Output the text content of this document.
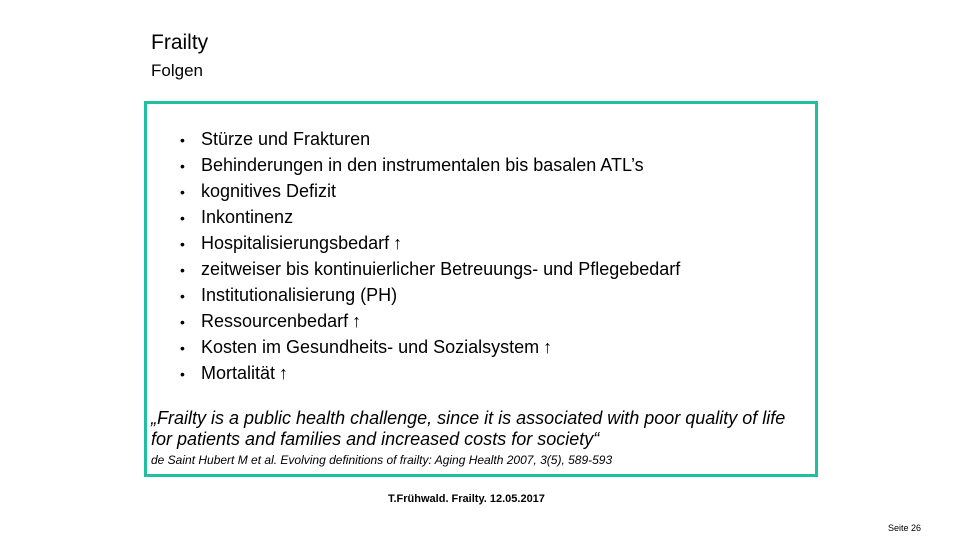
Frailty
Folgen
• Stürze und Frakturen
• Behinderungen in den instrumentalen bis basalen ATL’s
• kognitives Defizit
• Inkontinenz
• Hospitalisierungsbedarf ↑
• zeitweiser bis kontinuierlicher Betreuungs- und Pflegebedarf
• Institutionalisierung (PH)
• Ressourcenbedarf ↑
• Kosten im Gesundheits- und Sozialsystem ↑
• Mortalität ↑
„Frailty is a public health challenge, since it is associated with poor quality of life for patients and families and increased costs for society“
de Saint Hubert M et al. Evolving definitions of frailty: Aging Health 2007, 3(5), 589-593
T.Frühwald. Frailty. 12.05.2017
Seite 26
